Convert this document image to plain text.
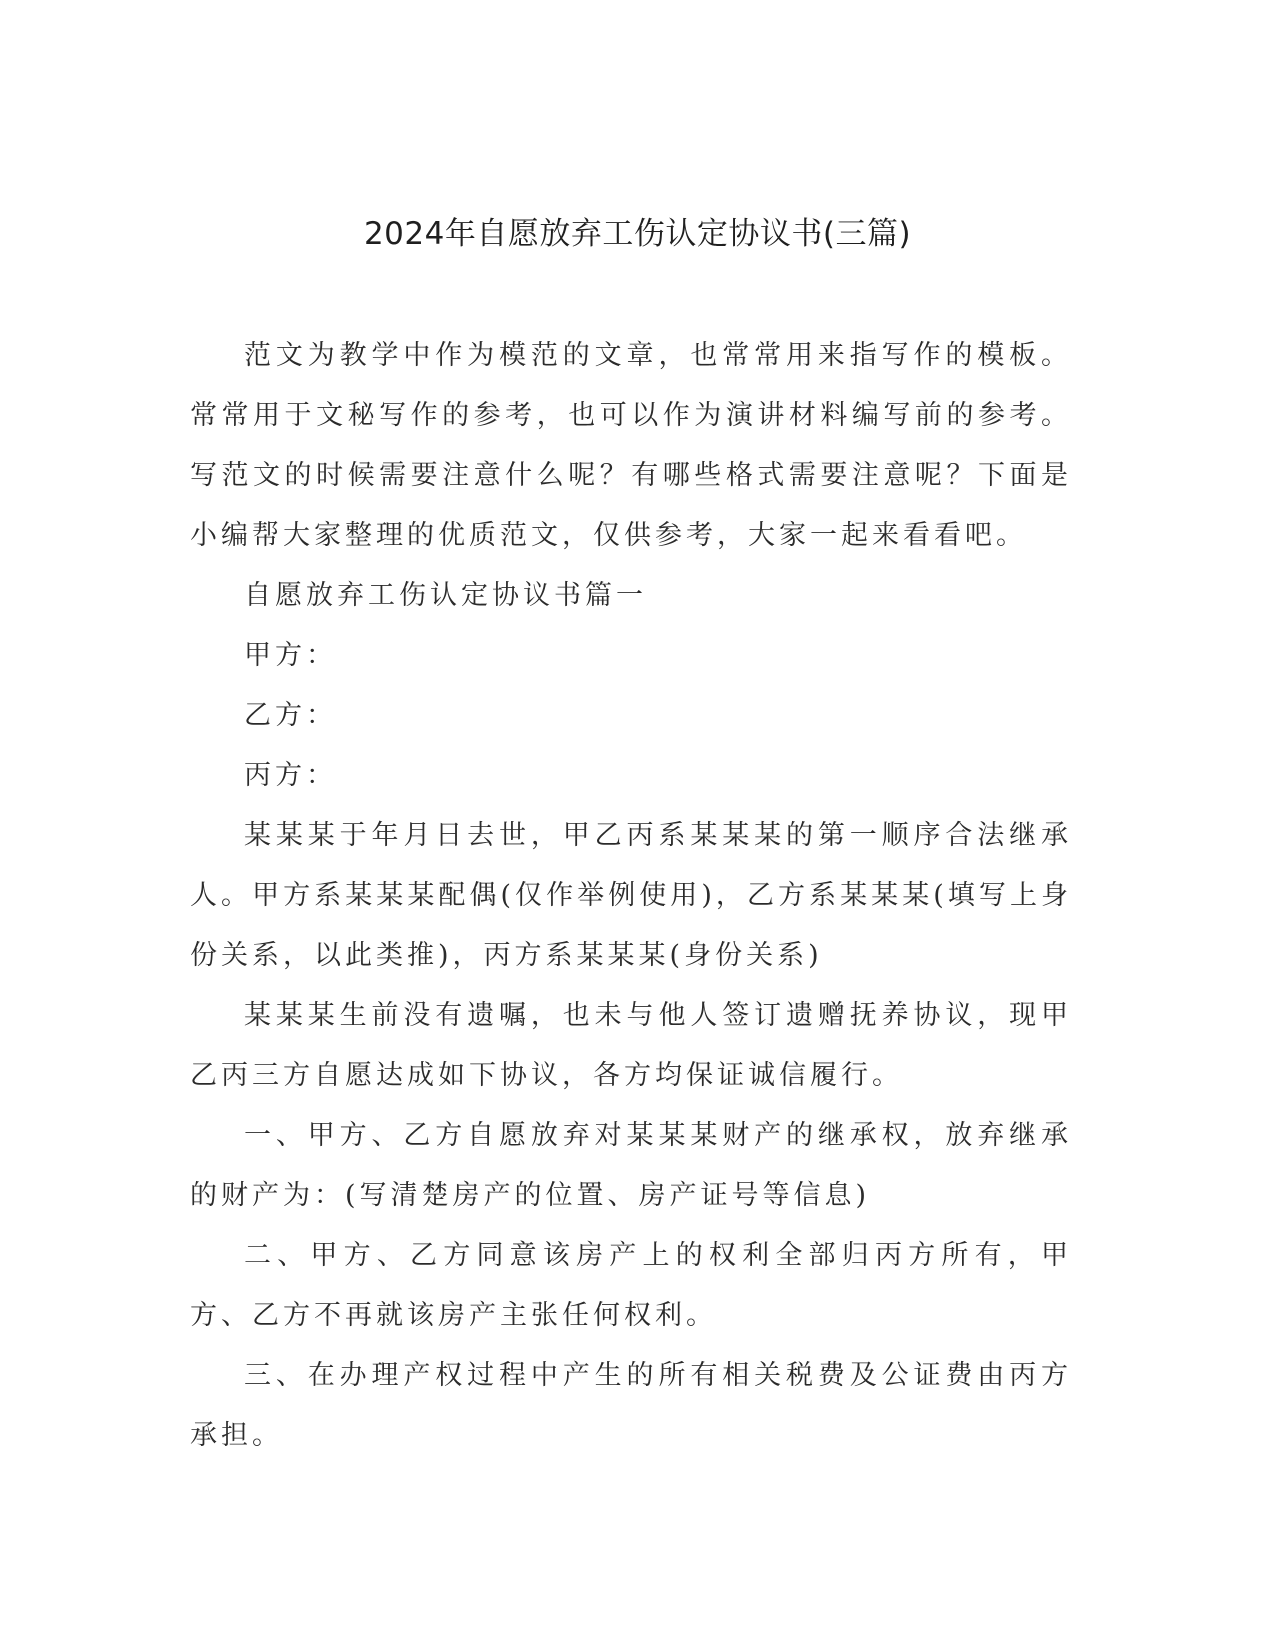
2024年自愿放弃工伤认定协议书(三篇)

范文为教学中作为模范的文章，也常常用来指写作的模板。常常用于文秘写作的参考，也可以作为演讲材料编写前的参考。写范文的时候需要注意什么呢？有哪些格式需要注意呢？下面是小编帮大家整理的优质范文，仅供参考，大家一起来看看吧。

自愿放弃工伤认定协议书篇一

甲方：

乙方：

丙方：

某某某于年月日去世，甲乙丙系某某某的第一顺序合法继承人。甲方系某某某配偶(仅作举例使用)，乙方系某某某(填写上身份关系，以此类推)，丙方系某某某(身份关系)

某某某生前没有遗嘱，也未与他人签订遗赠抚养协议，现甲乙丙三方自愿达成如下协议，各方均保证诚信履行。

一、甲方、乙方自愿放弃对某某某财产的继承权，放弃继承的财产为：(写清楚房产的位置、房产证号等信息)

二、甲方、乙方同意该房产上的权利全部归丙方所有，甲方、乙方不再就该房产主张任何权利。

三、在办理产权过程中产生的所有相关税费及公证费由丙方承担。
